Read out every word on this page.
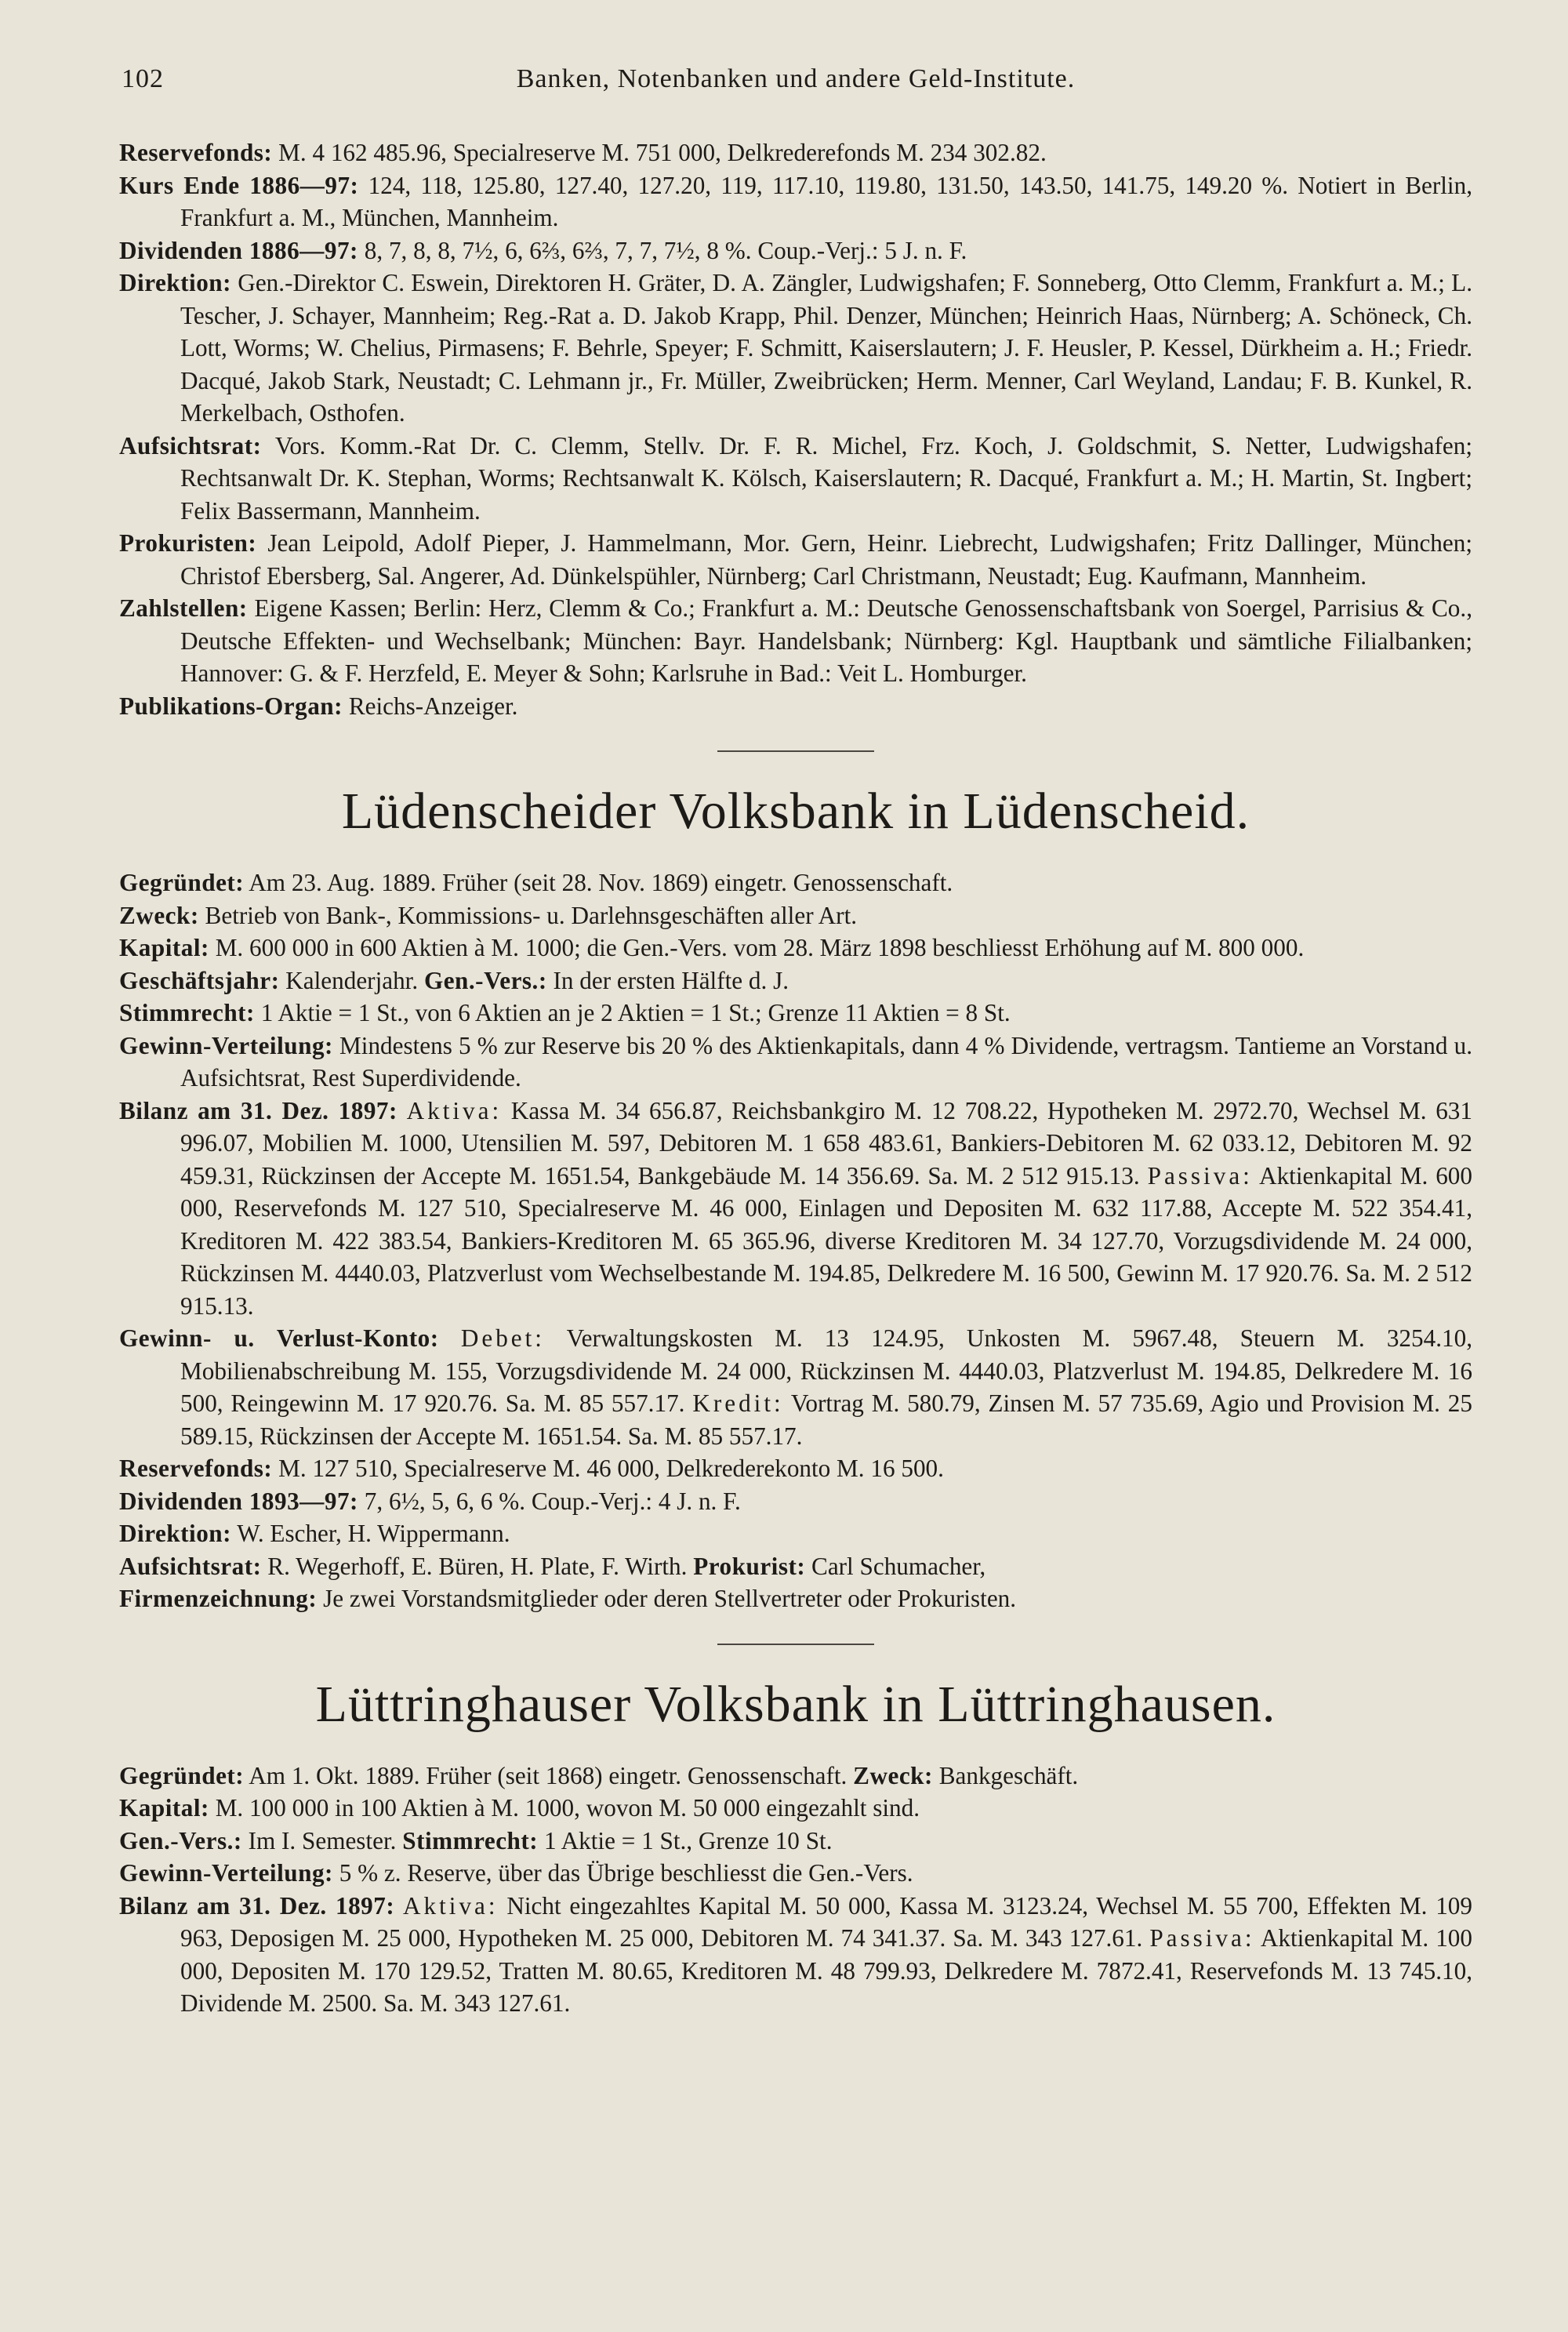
102	Banken, Notenbanken und andere Geld-Institute.

Reservefonds: M. 4 162 485.96, Specialreserve M. 751 000, Delkrederefonds M. 234 302.82.

Kurs Ende 1886—97: 124, 118, 125.80, 127.40, 127.20, 119, 117.10, 119.80, 131.50, 143.50, 141.75, 149.20 %. Notiert in Berlin, Frankfurt a. M., München, Mannheim.

Dividenden 1886—97: 8, 7, 8, 8, 7½, 6, 6⅔, 6⅔, 7, 7, 7½, 8 %. Coup.-Verj.: 5 J. n. F.

Direktion: Gen.-Direktor C. Eswein, Direktoren H. Gräter, D. A. Zängler, Ludwigshafen; F. Sonneberg, Otto Clemm, Frankfurt a. M.; L. Tescher, J. Schayer, Mannheim; Reg.-Rat a. D. Jakob Krapp, Phil. Denzer, München; Heinrich Haas, Nürnberg; A. Schöneck, Ch. Lott, Worms; W. Chelius, Pirmasens; F. Behrle, Speyer; F. Schmitt, Kaiserslautern; J. F. Heusler, P. Kessel, Dürkheim a. H.; Friedr. Dacqué, Jakob Stark, Neustadt; C. Lehmann jr., Fr. Müller, Zweibrücken; Herm. Menner, Carl Weyland, Landau; F. B. Kunkel, R. Merkelbach, Osthofen.

Aufsichtsrat: Vors. Komm.-Rat Dr. C. Clemm, Stellv. Dr. F. R. Michel, Frz. Koch, J. Goldschmit, S. Netter, Ludwigshafen; Rechtsanwalt Dr. K. Stephan, Worms; Rechtsanwalt K. Kölsch, Kaiserslautern; R. Dacqué, Frankfurt a. M.; H. Martin, St. Ingbert; Felix Bassermann, Mannheim.

Prokuristen: Jean Leipold, Adolf Pieper, J. Hammelmann, Mor. Gern, Heinr. Liebrecht, Ludwigshafen; Fritz Dallinger, München; Christof Ebersberg, Sal. Angerer, Ad. Dünkelspühler, Nürnberg; Carl Christmann, Neustadt; Eug. Kaufmann, Mannheim.

Zahlstellen: Eigene Kassen; Berlin: Herz, Clemm & Co.; Frankfurt a. M.: Deutsche Genossenschaftsbank von Soergel, Parrisius & Co., Deutsche Effekten- und Wechselbank; München: Bayr. Handelsbank; Nürnberg: Kgl. Hauptbank und sämtliche Filialbanken; Hannover: G. & F. Herzfeld, E. Meyer & Sohn; Karlsruhe in Bad.: Veit L. Homburger.

Publikations-Organ: Reichs-Anzeiger.

Lüdenscheider Volksbank in Lüdenscheid.

Gegründet: Am 23. Aug. 1889. Früher (seit 28. Nov. 1869) eingetr. Genossenschaft.

Zweck: Betrieb von Bank-, Kommissions- u. Darlehnsgeschäften aller Art.

Kapital: M. 600 000 in 600 Aktien à M. 1000; die Gen.-Vers. vom 28. März 1898 beschliesst Erhöhung auf M. 800 000.

Geschäftsjahr: Kalenderjahr. Gen.-Vers.: In der ersten Hälfte d. J.

Stimmrecht: 1 Aktie = 1 St., von 6 Aktien an je 2 Aktien = 1 St.; Grenze 11 Aktien = 8 St.

Gewinn-Verteilung: Mindestens 5 % zur Reserve bis 20 % des Aktienkapitals, dann 4 % Dividende, vertragsm. Tantieme an Vorstand u. Aufsichtsrat, Rest Superdividende.

Bilanz am 31. Dez. 1897: Aktiva: Kassa M. 34 656.87, Reichsbankgiro M. 12 708.22, Hypotheken M. 2972.70, Wechsel M. 631 996.07, Mobilien M. 1000, Utensilien M. 597, Debitoren M. 1 658 483.61, Bankiers-Debitoren M. 62 033.12, Debitoren M. 92 459.31, Rückzinsen der Accepte M. 1651.54, Bankgebäude M. 14 356.69. Sa. M. 2 512 915.13. Passiva: Aktienkapital M. 600 000, Reservefonds M. 127 510, Specialreserve M. 46 000, Einlagen und Depositen M. 632 117.88, Accepte M. 522 354.41, Kreditoren M. 422 383.54, Bankiers-Kreditoren M. 65 365.96, diverse Kreditoren M. 34 127.70, Vorzugsdividende M. 24 000, Rückzinsen M. 4440.03, Platzverlust vom Wechselbestande M. 194.85, Delkredere M. 16 500, Gewinn M. 17 920.76. Sa. M. 2 512 915.13.

Gewinn- u. Verlust-Konto: Debet: Verwaltungskosten M. 13 124.95, Unkosten M. 5967.48, Steuern M. 3254.10, Mobilienabschreibung M. 155, Vorzugsdividende M. 24 000, Rückzinsen M. 4440.03, Platzverlust M. 194.85, Delkredere M. 16 500, Reingewinn M. 17 920.76. Sa. M. 85 557.17. Kredit: Vortrag M. 580.79, Zinsen M. 57 735.69, Agio und Provision M. 25 589.15, Rückzinsen der Accepte M. 1651.54. Sa. M. 85 557.17.

Reservefonds: M. 127 510, Specialreserve M. 46 000, Delkrederekonto M. 16 500.

Dividenden 1893—97: 7, 6½, 5, 6, 6 %. Coup.-Verj.: 4 J. n. F.

Direktion: W. Escher, H. Wippermann.

Aufsichtsrat: R. Wegerhoff, E. Büren, H. Plate, F. Wirth. Prokurist: Carl Schumacher,

Firmenzeichnung: Je zwei Vorstandsmitglieder oder deren Stellvertreter oder Prokuristen.

Lüttringhauser Volksbank in Lüttringhausen.

Gegründet: Am 1. Okt. 1889. Früher (seit 1868) eingetr. Genossenschaft. Zweck: Bankgeschäft.

Kapital: M. 100 000 in 100 Aktien à M. 1000, wovon M. 50 000 eingezahlt sind.

Gen.-Vers.: Im I. Semester. Stimmrecht: 1 Aktie = 1 St., Grenze 10 St.

Gewinn-Verteilung: 5 % z. Reserve, über das Übrige beschliesst die Gen.-Vers.

Bilanz am 31. Dez. 1897: Aktiva: Nicht eingezahltes Kapital M. 50 000, Kassa M. 3123.24, Wechsel M. 55 700, Effekten M. 109 963, Deposigen M. 25 000, Hypotheken M. 25 000, Debitoren M. 74 341.37. Sa. M. 343 127.61. Passiva: Aktienkapital M. 100 000, Depositen M. 170 129.52, Tratten M. 80.65, Kreditoren M. 48 799.93, Delkredere M. 7872.41, Reservefonds M. 13 745.10, Dividende M. 2500. Sa. M. 343 127.61.
